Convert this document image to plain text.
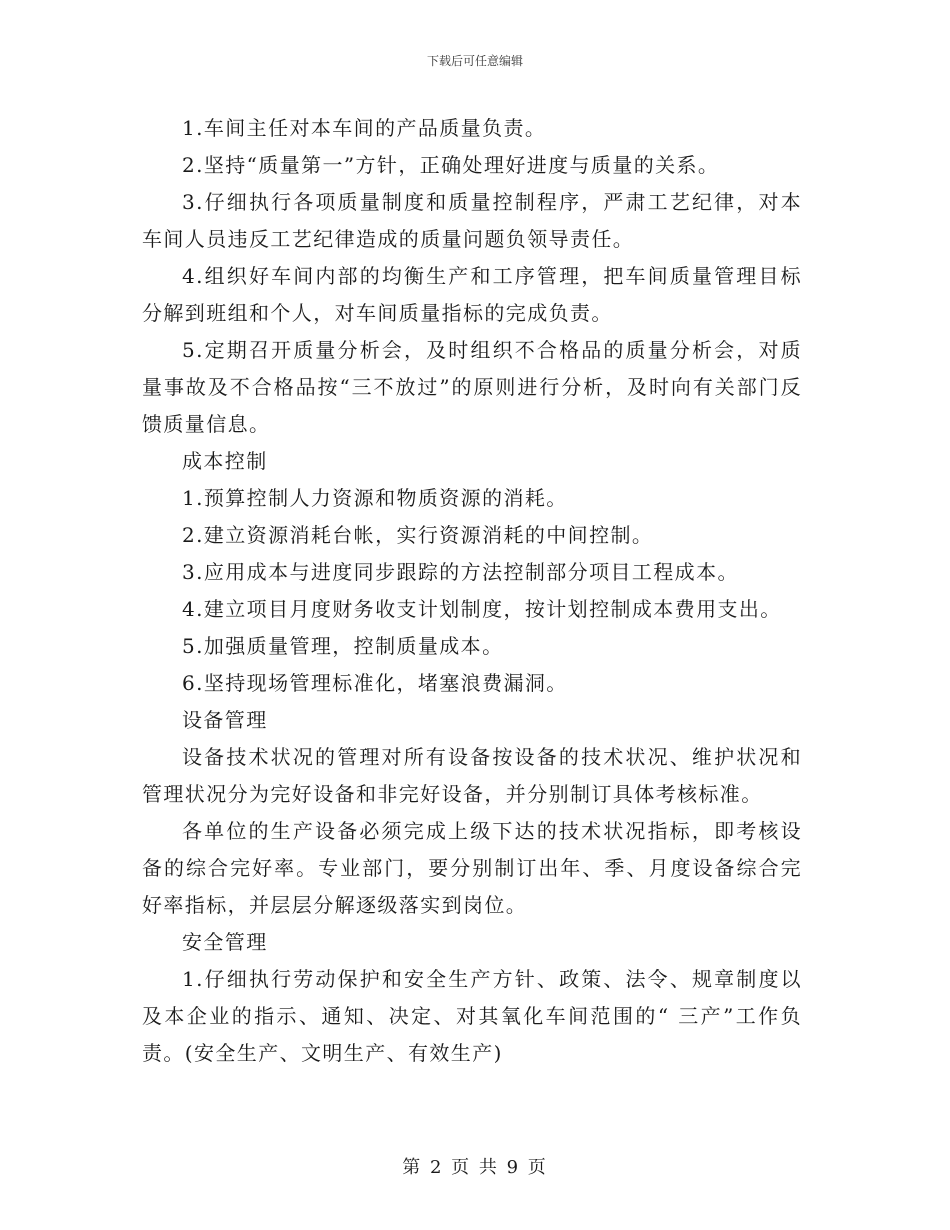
下载后可任意编辑

1.车间主任对本车间的产品质量负责。

2.坚持“质量第一”方针，正确处理好进度与质量的关系。

3.仔细执行各项质量制度和质量控制程序，严肃工艺纪律，对本车间人员违反工艺纪律造成的质量问题负领导责任。

4.组织好车间内部的均衡生产和工序管理，把车间质量管理目标分解到班组和个人，对车间质量指标的完成负责。

5.定期召开质量分析会，及时组织不合格品的质量分析会，对质量事故及不合格品按“三不放过”的原则进行分析，及时向有关部门反馈质量信息。

成本控制

1.预算控制人力资源和物质资源的消耗。

2.建立资源消耗台帐，实行资源消耗的中间控制。

3.应用成本与进度同步跟踪的方法控制部分项目工程成本。

4.建立项目月度财务收支计划制度，按计划控制成本费用支出。

5.加强质量管理，控制质量成本。

6.坚持现场管理标准化，堵塞浪费漏洞。

设备管理

设备技术状况的管理对所有设备按设备的技术状况、维护状况和管理状况分为完好设备和非完好设备，并分别制订具体考核标准。

各单位的生产设备必须完成上级下达的技术状况指标，即考核设备的综合完好率。专业部门，要分别制订出年、季、月度设备综合完好率指标，并层层分解逐级落实到岗位。

安全管理

1.仔细执行劳动保护和安全生产方针、政策、法令、规章制度以及本企业的指示、通知、决定、对其氧化车间范围的“ 三产”工作负责。(安全生产、文明生产、有效生产)

第 2 页 共 9 页
